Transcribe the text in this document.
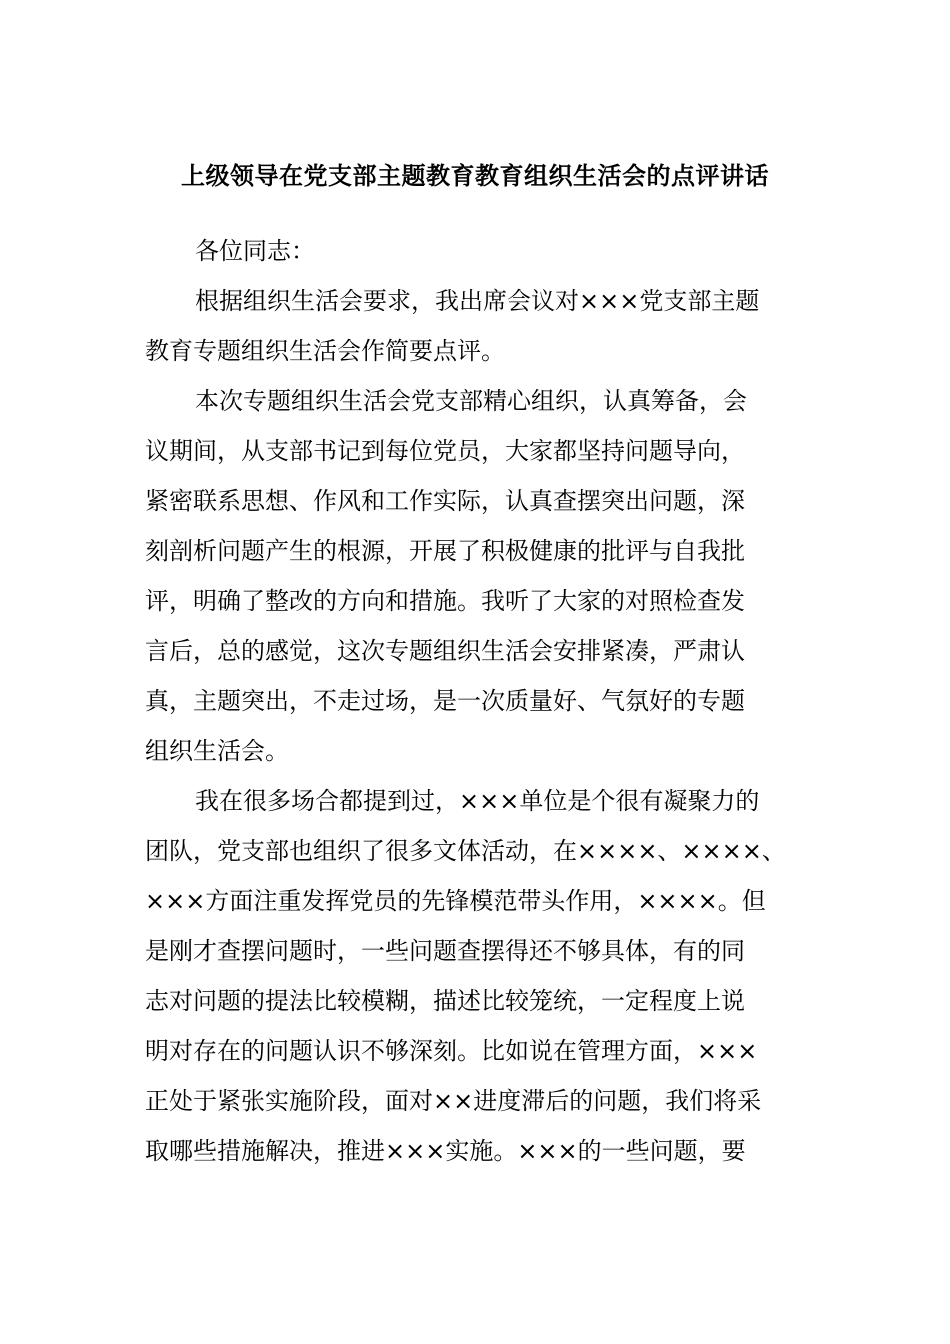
上级领导在党支部主题教育教育组织生活会的点评讲话
各位同志：
根据组织生活会要求，我出席会议对×××党支部主题
教育专题组织生活会作简要点评。
本次专题组织生活会党支部精心组织，认真筹备，会
议期间，从支部书记到每位党员，大家都坚持问题导向，
紧密联系思想、作风和工作实际，认真查摆突出问题，深
刻剖析问题产生的根源，开展了积极健康的批评与自我批
评，明确了整改的方向和措施。我听了大家的对照检查发
言后，总的感觉，这次专题组织生活会安排紧凑，严肃认
真，主题突出，不走过场，是一次质量好、气氛好的专题
组织生活会。
我在很多场合都提到过，×××单位是个很有凝聚力的
团队，党支部也组织了很多文体活动，在××××、××××、
×××方面注重发挥党员的先锋模范带头作用，××××。但
是刚才查摆问题时，一些问题查摆得还不够具体，有的同
志对问题的提法比较模糊，描述比较笼统，一定程度上说
明对存在的问题认识不够深刻。比如说在管理方面，×××
正处于紧张实施阶段，面对××进度滞后的问题，我们将采
取哪些措施解决，推进×××实施。×××的一些问题，要
